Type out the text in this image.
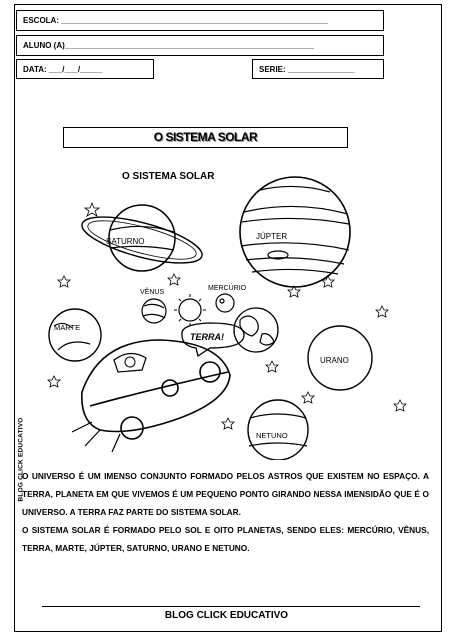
ESCOLA: ____________________________________________________________
ALUNO (A)________________________________________________________
DATA: ___/___/_____	SERIE: _______________
BLOG CLICK EDUCATIVO
O SISTEMA SOLAR
O SISTEMA SOLAR
SATURNO
JÚPTER
VÊNUS
MERCÚRIO
MARTE
TERRA!
URANO
NETUNO

O UNIVERSO É UM IMENSO CONJUNTO FORMADO PELOS ASTROS QUE EXISTEM NO ESPAÇO. A TERRA, PLANETA EM QUE VIVEMOS É UM PEQUENO PONTO GIRANDO NESSA IMENSIDÃO QUE É O UNIVERSO. A TERRA FAZ PARTE DO SISTEMA SOLAR.

O SISTEMA SOLAR É FORMADO PELO SOL E OITO PLANETAS, SENDO ELES: MERCÚRIO, VÊNUS, TERRA, MARTE, JÚPTER, SATURNO, URANO E NETUNO.

BLOG CLICK EDUCATIVO
